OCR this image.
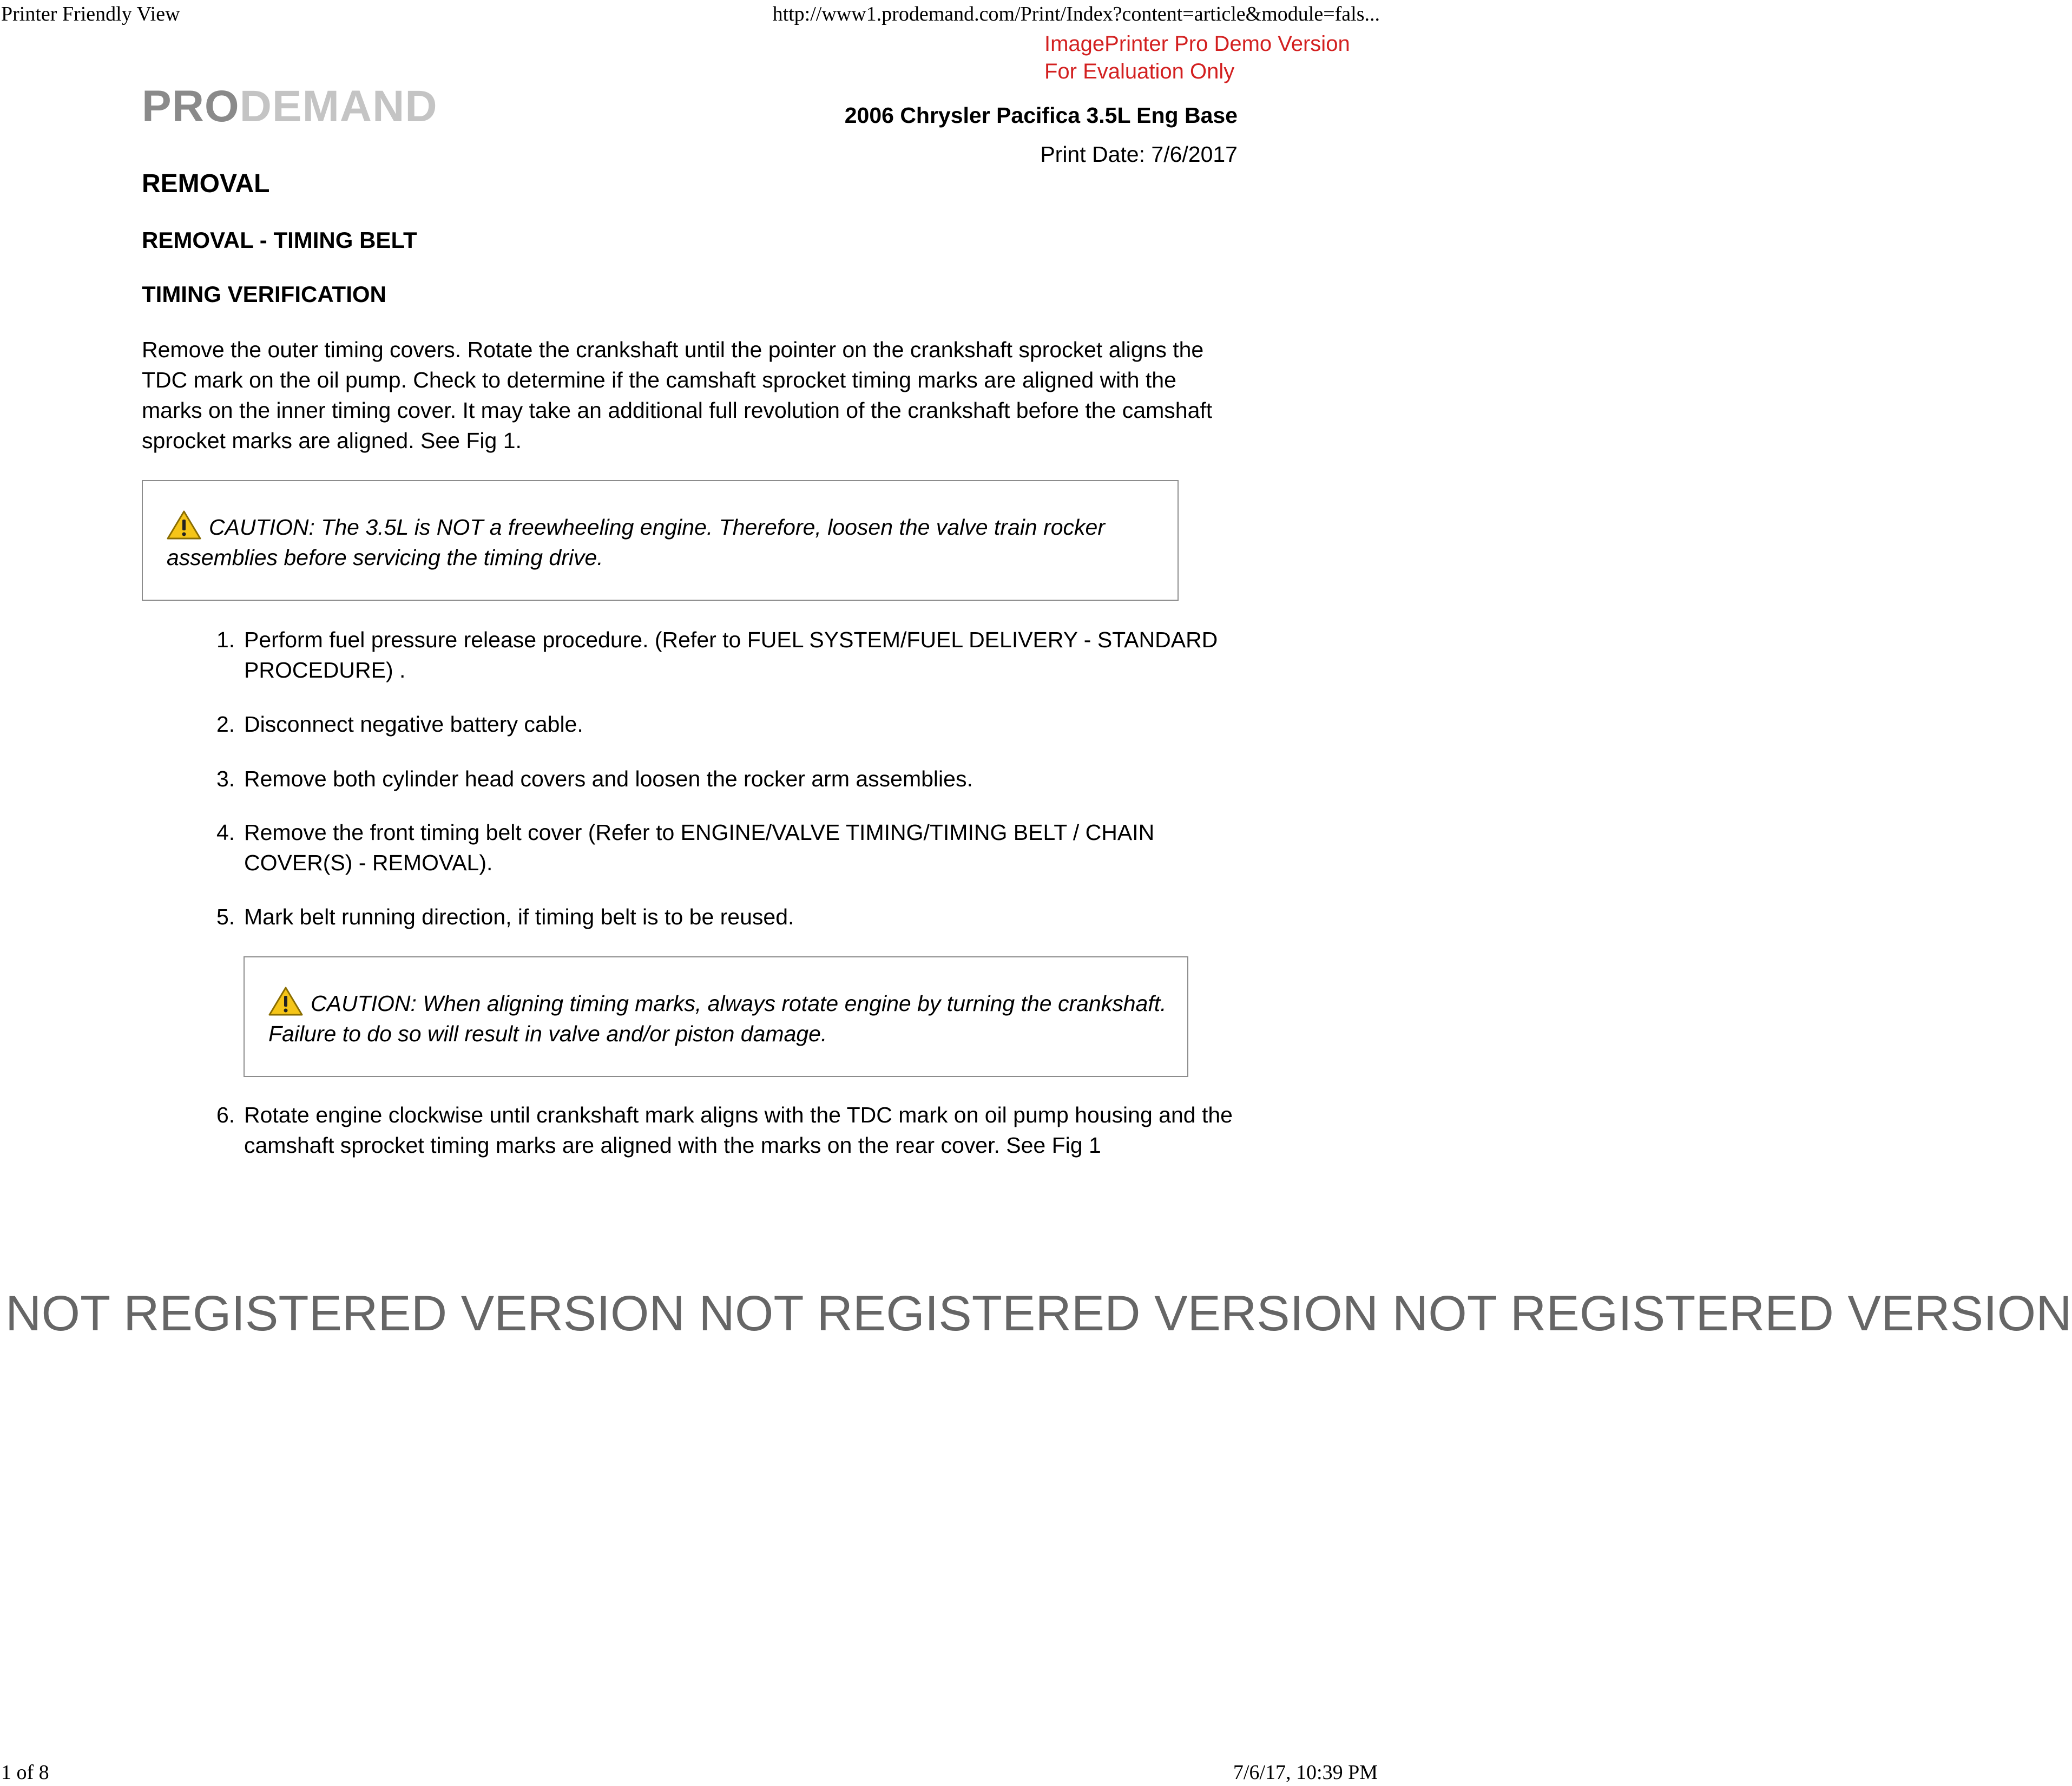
Printer Friendly View	http://www1.prodemand.com/Print/Index?content=article&module=fals...
ImagePrinter Pro Demo Version
For Evaluation Only
PRODEMAND	2006 Chrysler Pacifica 3.5L Eng Base
Print Date: 7/6/2017
REMOVAL
REMOVAL - TIMING BELT
TIMING VERIFICATION
Remove the outer timing covers. Rotate the crankshaft until the pointer on the crankshaft sprocket aligns the TDC mark on the oil pump. Check to determine if the camshaft sprocket timing marks are aligned with the marks on the inner timing cover. It may take an additional full revolution of the crankshaft before the camshaft sprocket marks are aligned. See Fig 1.
CAUTION: The 3.5L is NOT a freewheeling engine. Therefore, loosen the valve train rocker assemblies before servicing the timing drive.
1. Perform fuel pressure release procedure. (Refer to FUEL SYSTEM/FUEL DELIVERY - STANDARD PROCEDURE) .
2. Disconnect negative battery cable.
3. Remove both cylinder head covers and loosen the rocker arm assemblies.
4. Remove the front timing belt cover (Refer to ENGINE/VALVE TIMING/TIMING BELT / CHAIN COVER(S) - REMOVAL).
5. Mark belt running direction, if timing belt is to be reused.
CAUTION: When aligning timing marks, always rotate engine by turning the crankshaft. Failure to do so will result in valve and/or piston damage.
6. Rotate engine clockwise until crankshaft mark aligns with the TDC mark on oil pump housing and the camshaft sprocket timing marks are aligned with the marks on the rear cover. See Fig 1
NOT REGISTERED VERSION NOT REGISTERED VERSION NOT REGISTERED VERSION
1 of 8	7/6/17, 10:39 PM
